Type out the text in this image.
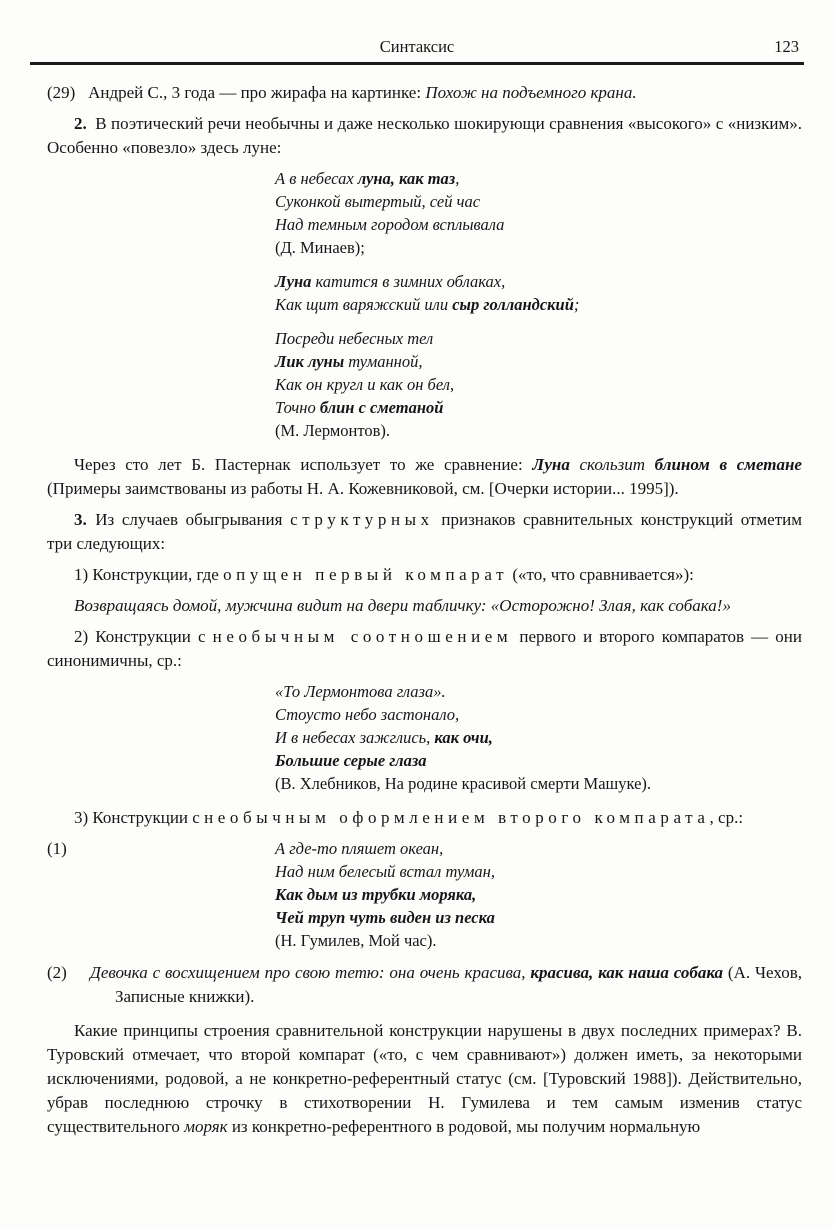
Синтаксис	123

(29)  Андрей С., 3 года — про жирафа на картинке: Похож на подъемного крана.

2. В поэтический речи необычны и даже несколько шокирующи сравнения «высокого» с «низким». Особенно «повезло» здесь луне:

А в небесах луна, как таз,
Суконкой вытертый, сей час
Над темным городом всплывала
(Д. Минаев);
Луна катится в зимних облаках,
Как щит варяжский или сыр голландский;
Посреди небесных тел
Лик луны туманной,
Как он кругл и как он бел,
Точно блин с сметаной
(М. Лермонтов).

Через сто лет Б. Пастернак использует то же сравнение: Луна скользит блином в сметане (Примеры заимствованы из работы Н. А. Кожевниковой, см. [Очерки истории... 1995]).

3. Из случаев обыгрывания структурных признаков сравнительных конструкций отметим три следующих:

1) Конструкции, где опущен первый компарат («то, что сравнивается»):

Возвращаясь домой, мужчина видит на двери табличку: «Осторожно! Злая, как собака!»

2) Конструкции с необычным соотношением первого и второго компаратов — они синонимичны, ср.:

«То Лермонтова глаза».
Стоусто небо застонало,
И в небесах зажглись, как очи,
Большие серые глаза
(В. Хлебников, На родине красивой смерти Машуке).

3) Конструкции с необычным оформлением второго компарата, ср.:

(1)	А где-то пляшет океан,
Над ним белесый встал туман,
Как дым из трубки моряка,
Чей труп чуть виден из песка
(Н. Гумилев, Мой час).
(2) Девочка с восхищением про свою тетю: она очень красива, красива, как наша собака (А. Чехов, Записные книжки).

Какие принципы строения сравнительной конструкции нарушены в двух последних примерах? В. Туровский отмечает, что второй компарат («то, с чем сравнивают») должен иметь, за некоторыми исключениями, родовой, а не конкретно-референтный статус (см. [Туровский 1988]). Действительно, убрав последнюю строчку в стихотворении Н. Гумилева и тем самым изменив статус существительного моряк из конкретно-референтного в родовой, мы получим нормальную
